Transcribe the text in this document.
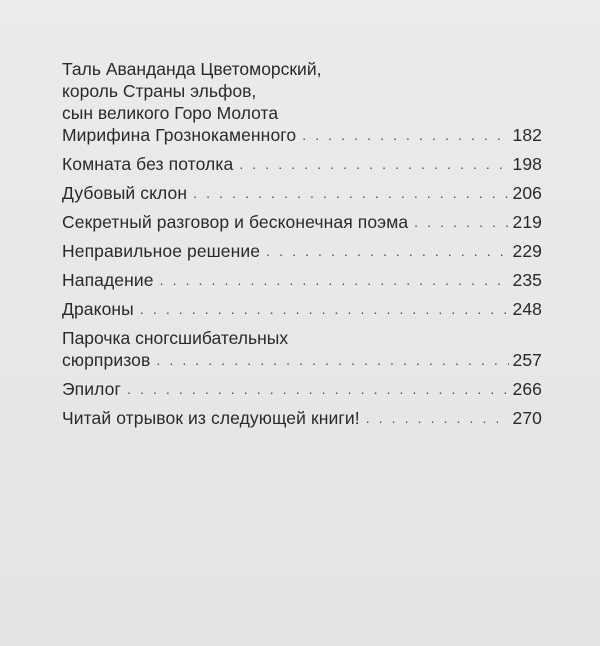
Таль Аванданда Цветоморский,
король Страны эльфов,
сын великого Горо Молота
Мирифина Грознокаменного . . .	182
Комната без потолка . . .	198
Дубовый склон . . .	206
Секретный разговор и бесконечная поэма . . .	219
Неправильное решение . . .	229
Нападение . . .	235
Драконы . . .	248
Парочка сногсшибательных
сюрпризов . . .	257
Эпилог . . .	266
Читай отрывок из следующей книги! . . .	270
